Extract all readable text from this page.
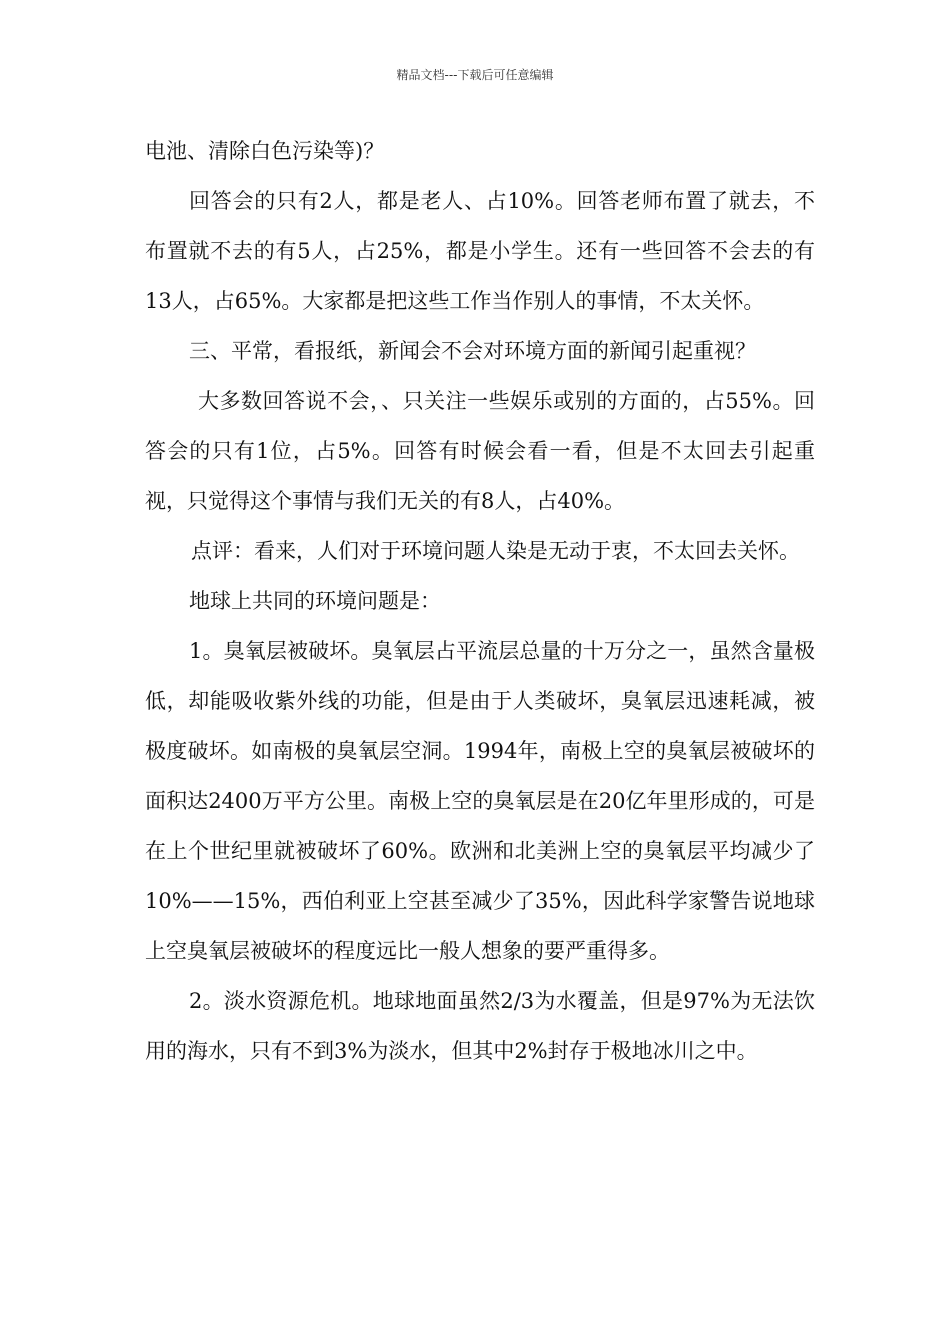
精品文档---下载后可任意编辑

电池、清除白色污染等)？

回答会的只有2人，都是老人、占10%。回答老师布置了就去，不布置就不去的有5人，占25%，都是小学生。还有一些回答不会去的有13人，占65%。大家都是把这些工作当作别人的事情，不太关怀。

三、平常，看报纸，新闻会不会对环境方面的新闻引起重视？

大多数回答说不会，、只关注一些娱乐或别的方面的，占55%。回答会的只有1位，占5%。回答有时候会看一看，但是不太回去引起重视，只觉得这个事情与我们无关的有8人，占40%。

点评：看来，人们对于环境问题人染是无动于衷，不太回去关怀。

地球上共同的环境问题是：

1。臭氧层被破坏。臭氧层占平流层总量的十万分之一，虽然含量极低，却能吸收紫外线的功能，但是由于人类破坏，臭氧层迅速耗减，被极度破坏。如南极的臭氧层空洞。1994年，南极上空的臭氧层被破坏的面积达2400万平方公里。南极上空的臭氧层是在20亿年里形成的，可是在上个世纪里就被破坏了60%。欧洲和北美洲上空的臭氧层平均减少了10%——15%，西伯利亚上空甚至减少了35%，因此科学家警告说地球上空臭氧层被破坏的程度远比一般人想象的要严重得多。

2。淡水资源危机。地球地面虽然2/3为水覆盖，但是97%为无法饮用的海水，只有不到3%为淡水，但其中2%封存于极地冰川之中。
